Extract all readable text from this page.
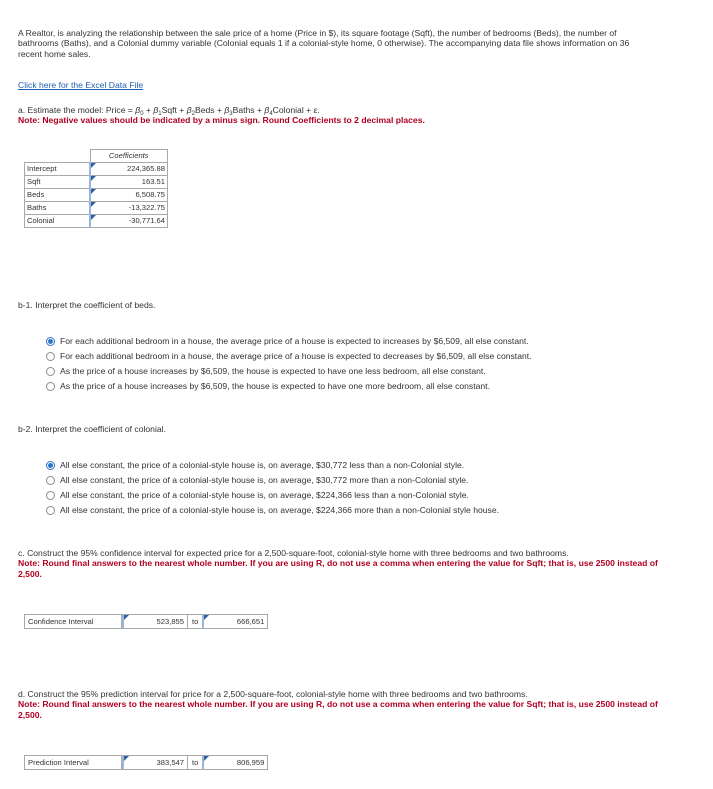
A Realtor, is analyzing the relationship between the sale price of a home (Price in $), its square footage (Sqft), the number of bedrooms (Beds), the number of bathrooms (Baths), and a Colonial dummy variable (Colonial equals 1 if a colonial-style home, 0 otherwise). The accompanying data file shows information on 36 recent home sales.
Click here for the Excel Data File
a. Estimate the model: Price = $\beta_0$ + $\beta_1Sqft$ + $\beta_2Beds$ + $\beta_3Baths$ + $\beta_4Colonial + \varepsilon$.
Note: Negative values should be indicated by a minus sign. Round Coefficients to 2 decimal places.
	Coefficients
Intercept	224,365.88
Sqft	163.51
Beds	6,508.75
Baths	-13,322.75
Colonial	-30,771.64
b-1. Interpret the coefficient of beds.
For each additional bedroom in a house, the average price of a house is expected to increases by $6,509, all else constant.
For each additional bedroom in a house, the average price of a house is expected to decreases by $6,509, all else constant.
As the price of a house increases by $6,509, the house is expected to have one less bedroom, all else constant.
As the price of a house increases by $6,509, the house is expected to have one more bedroom, all else constant.
b-2. Interpret the coefficient of colonial.
All else constant, the price of a colonial-style house is, on average, $30,772 less than a non-Colonial style.
All else constant, the price of a colonial-style house is, on average, $30,772 more than a non-Colonial style.
All else constant, the price of a colonial-style house is, on average, $224,366 less than a non-Colonial style.
All else constant, the price of a colonial-style house is, on average, $224,366 more than a non-Colonial style house.
c. Construct the 95% confidence interval for expected price for a 2,500-square-foot, colonial-style home with three bedrooms and two bathrooms.
Note: Round final answers to the nearest whole number. If you are using R, do not use a comma when entering the value for Sqft; that is, use 2500 instead of 2,500.
Confidence Interval	523,855	to	666,651
d. Construct the 95% prediction interval for price for a 2,500-square-foot, colonial-style home with three bedrooms and two bathrooms.
Note: Round final answers to the nearest whole number. If you are using R, do not use a comma when entering the value for Sqft; that is, use 2500 instead of 2,500.
Prediction Interval	383,547	to	806,959
